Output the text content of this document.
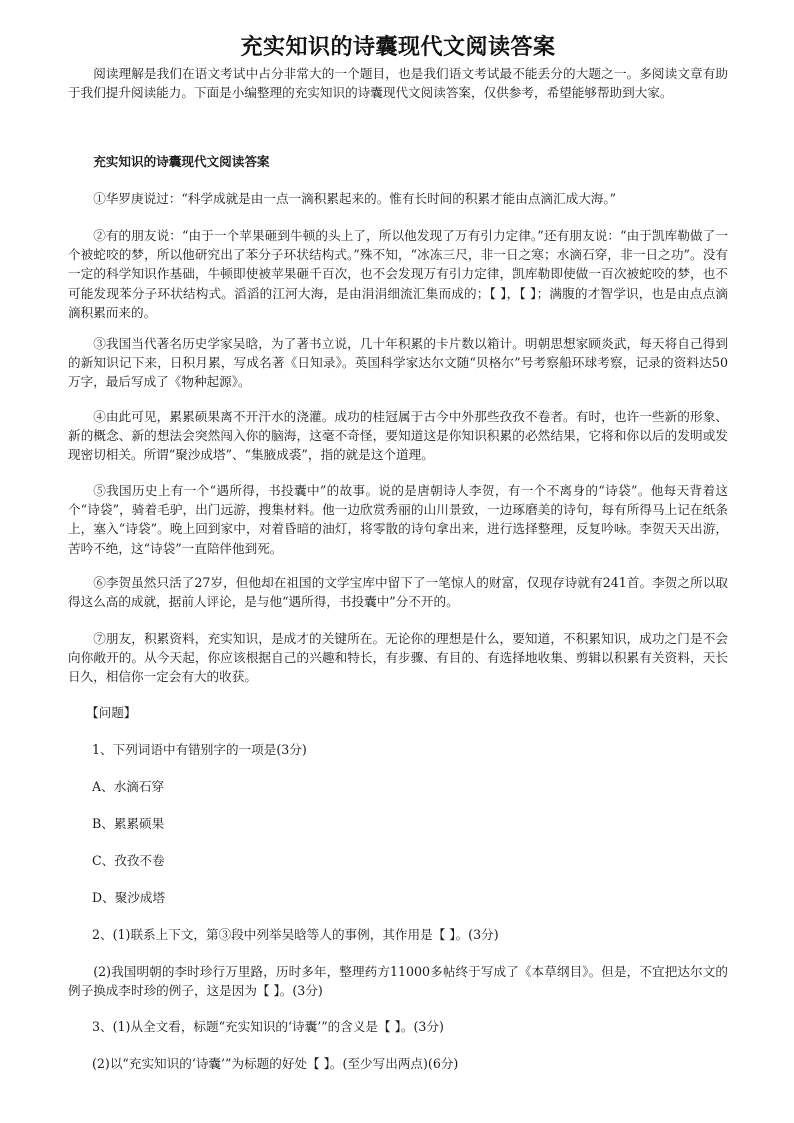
充实知识的诗囊现代文阅读答案

阅读理解是我们在语文考试中占分非常大的一个题目，也是我们语文考试最不能丢分的大题之一。多阅读文章有助于我们提升阅读能力。下面是小编整理的充实知识的诗囊现代文阅读答案，仅供参考，希望能够帮助到大家。

充实知识的诗囊现代文阅读答案

①华罗庚说过：“科学成就是由一点一滴积累起来的。惟有长时间的积累才能由点滴汇成大海。”

②有的朋友说：“由于一个苹果砸到牛顿的头上了，所以他发现了万有引力定律。”还有朋友说：“由于凯库勒做了一个被蛇咬的梦，所以他研究出了苯分子环状结构式。”殊不知，“冰冻三尺，非一日之寒；水滴石穿，非一日之功”。没有一定的科学知识作基础，牛顿即使被苹果砸千百次，也不会发现万有引力定律，凯库勒即使做一百次被蛇咬的梦，也不可能发现苯分子环状结构式。滔滔的江河大海，是由涓涓细流汇集而成的；【 】，【 】；满腹的才智学识，也是由点点滴滴积累而来的。

③我国当代著名历史学家吴晗，为了著书立说，几十年积累的卡片数以箱计。明朝思想家顾炎武，每天将自己得到的新知识记下来，日积月累，写成名著《日知录》。英国科学家达尔文随“贝格尔”号考察船环球考察，记录的资料达50万字，最后写成了《物种起源》。

④由此可见，累累硕果离不开汗水的浇灌。成功的桂冠属于古今中外那些孜孜不卷者。有时，也许一些新的形象、新的概念、新的想法会突然闯入你的脑海，这毫不奇怪，要知道这是你知识积累的必然结果，它将和你以后的发明或发现密切相关。所谓“聚沙成塔”、“集腋成裘”，指的就是这个道理。

⑤我国历史上有一个“遇所得，书投囊中”的故事。说的是唐朝诗人李贺，有一个不离身的“诗袋”。他每天背着这个“诗袋”，骑着毛驴，出门远游，搜集材料。他一边欣赏秀丽的山川景致，一边琢磨美的诗句，每有所得马上记在纸条上，塞入“诗袋”。晚上回到家中，对着昏暗的油灯，将零散的诗句拿出来，进行选择整理，反复吟咏。李贺天天出游，苦吟不绝，这“诗袋”一直陪伴他到死。

⑥李贺虽然只活了27岁，但他却在祖国的文学宝库中留下了一笔惊人的财富，仅现存诗就有241首。李贺之所以取得这么高的成就，据前人评论，是与他“遇所得，书投囊中”分不开的。

⑦朋友，积累资料，充实知识，是成才的关键所在。无论你的理想是什么，要知道，不积累知识，成功之门是不会向你敞开的。从今天起，你应该根据自己的兴趣和特长，有步骤、有目的、有选择地收集、剪辑以积累有关资料，天长日久，相信你一定会有大的收获。

【问题】

1、下列词语中有错别字的一项是(3分)

A、水滴石穿

B、累累硕果

C、孜孜不卷

D、聚沙成塔

2、(1)联系上下文，第③段中列举吴晗等人的事例，其作用是【 】。(3分)

(2)我国明朝的李时珍行万里路，历时多年，整理药方11000多帖终于写成了《本草纲目》。但是，不宜把达尔文的例子换成李时珍的例子，这是因为【 】。(3分)

3、(1)从全文看，标题“充实知识的‘诗囊’”的含义是【 】。(3分)

(2)以“充实知识的‘诗囊’”为标题的好处【 】。(至少写出两点)(6分)
